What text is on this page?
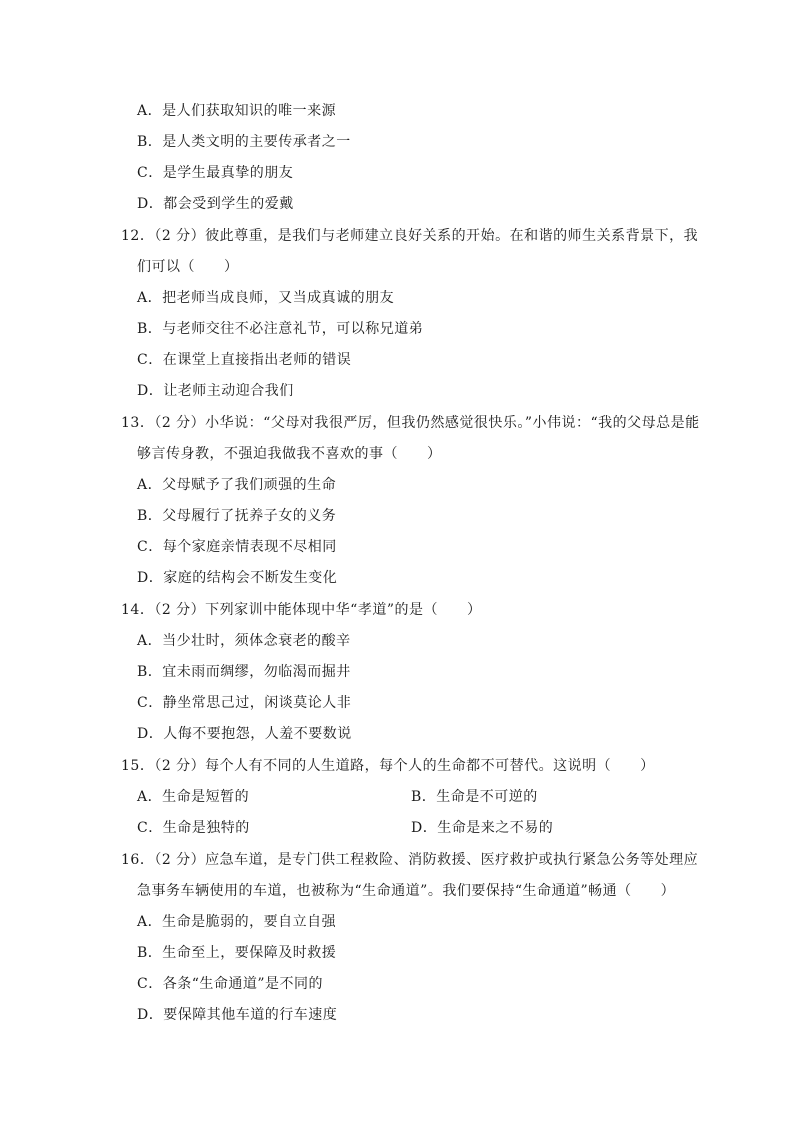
A．是人们获取知识的唯一来源
B．是人类文明的主要传承者之一
C．是学生最真挚的朋友
D．都会受到学生的爱戴
12．（2 分）彼此尊重，是我们与老师建立良好关系的开始。在和谐的师生关系背景下，我
们可以（　　）
A．把老师当成良师，又当成真诚的朋友
B．与老师交往不必注意礼节，可以称兄道弟
C．在课堂上直接指出老师的错误
D．让老师主动迎合我们
13．（2 分）小华说：“父母对我很严厉，但我仍然感觉很快乐。”小伟说：“我的父母总是能
够言传身教，不强迫我做我不喜欢的事（　　）
A．父母赋予了我们顽强的生命
B．父母履行了抚养子女的义务
C．每个家庭亲情表现不尽相同
D．家庭的结构会不断发生变化
14．（2 分）下列家训中能体现中华“孝道”的是（　　）
A．当少壮时，须体念衰老的酸辛
B．宜未雨而绸缪，勿临渴而掘井
C．静坐常思己过，闲谈莫论人非
D．人侮不要抱怨，人羞不要数说
15．（2 分）每个人有不同的人生道路，每个人的生命都不可替代。这说明（　　）
A．生命是短暂的	B．生命是不可逆的
C．生命是独特的	D．生命是来之不易的
16．（2 分）应急车道，是专门供工程救险、消防救援、医疗救护或执行紧急公务等处理应
急事务车辆使用的车道，也被称为“生命通道”。我们要保持“生命通道”畅通（　　）
A．生命是脆弱的，要自立自强
B．生命至上，要保障及时救援
C．各条“生命通道”是不同的
D．要保障其他车道的行车速度
